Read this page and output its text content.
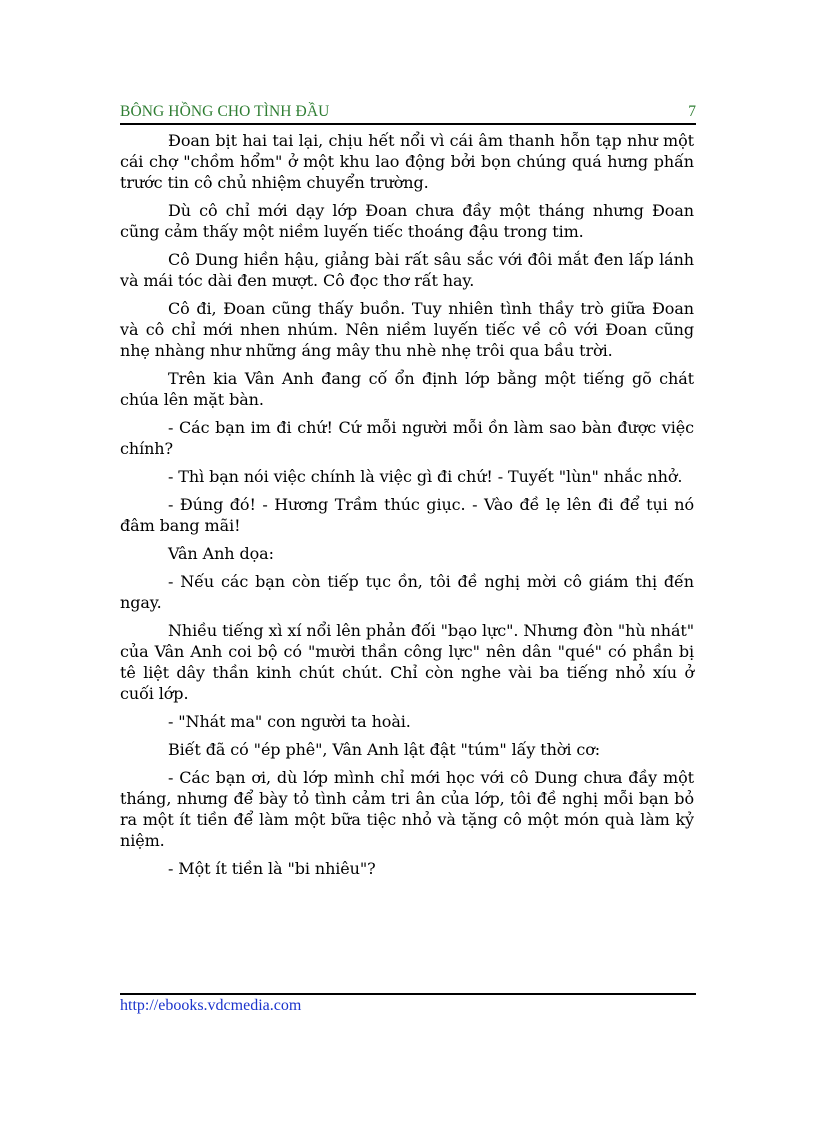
BÔNG HỒNG CHO TÌNH ĐẦU	7

Đoan bịt hai tai lại, chịu hết nổi vì cái âm thanh hỗn tạp như một cái chợ "chồm hổm" ở một khu lao động bởi bọn chúng quá hưng phấn trước tin cô chủ nhiệm chuyển trường.

Dù cô chỉ mới dạy lớp Đoan chưa đầy một tháng nhưng Đoan cũng cảm thấy một niềm luyến tiếc thoáng đậu trong tim.

Cô Dung hiền hậu, giảng bài rất sâu sắc với đôi mắt đen lấp lánh và mái tóc dài đen mượt. Cô đọc thơ rất hay.

Cô đi, Đoan cũng thấy buồn. Tuy nhiên tình thầy trò giữa Đoan và cô chỉ mới nhen nhúm. Nên niềm luyến tiếc về cô với Đoan cũng nhẹ nhàng như những áng mây thu nhè nhẹ trôi qua bầu trời.

Trên kia Vân Anh đang cố ổn định lớp bằng một tiếng gõ chát chúa lên mặt bàn.

- Các bạn im đi chứ! Cứ mỗi người mỗi ồn làm sao bàn được việc chính?

- Thì bạn nói việc chính là việc gì đi chứ! - Tuyết "lùn" nhắc nhở.

- Đúng đó! - Hương Trầm thúc giục. - Vào đề lẹ lên đi để tụi nó đâm bang mãi!

Vân Anh dọa:

- Nếu các bạn còn tiếp tục ồn, tôi đề nghị mời cô giám thị đến ngay.

Nhiều tiếng xì xí nổi lên phản đối "bạo lực". Nhưng đòn "hù nhát" của Vân Anh coi bộ có "mười thần công lực" nên dân "qué" có phần bị tê liệt dây thần kinh chút chút. Chỉ còn nghe vài ba tiếng nhỏ xíu ở cuối lớp.

- "Nhát ma" con người ta hoài.

Biết đã có "ép phê", Vân Anh lật đật "túm" lấy thời cơ:

- Các bạn ơi, dù lớp mình chỉ mới học với cô Dung chưa đầy một tháng, nhưng để bày tỏ tình cảm tri ân của lớp, tôi đề nghị mỗi bạn bỏ ra một ít tiền để làm một bữa tiệc nhỏ và tặng cô một món quà làm kỷ niệm.

- Một ít tiền là "bi nhiêu"?

http://ebooks.vdcmedia.com
